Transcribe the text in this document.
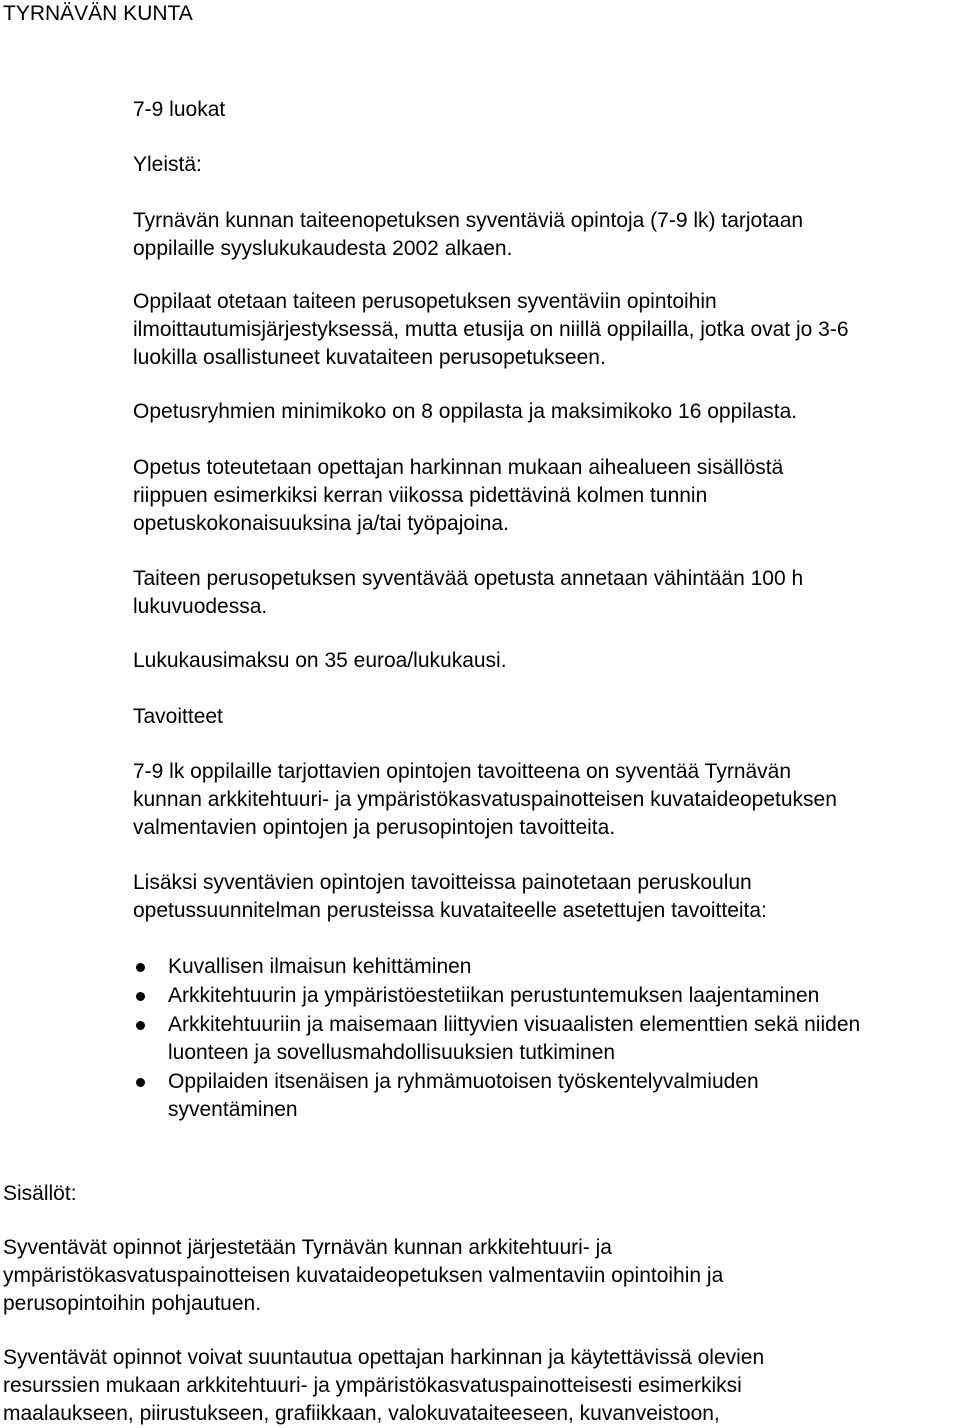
TYRNÄVÄN KUNTA
7-9 luokat
Yleistä:
Tyrnävän kunnan taiteenopetuksen syventäviä opintoja (7-9 lk) tarjotaan
oppilaille syyslukukaudesta 2002 alkaen.
Oppilaat otetaan taiteen perusopetuksen syventäviin opintoihin
ilmoittautumisjärjestyksessä, mutta etusija on niillä oppilailla, jotka ovat jo 3-6
luokilla osallistuneet kuvataiteen perusopetukseen.
Opetusryhmien minimikoko on 8 oppilasta ja maksimikoko 16 oppilasta.
Opetus toteutetaan opettajan harkinnan mukaan aihealueen sisällöstä
riippuen esimerkiksi kerran viikossa pidettävinä kolmen tunnin
opetuskokonaisuuksina ja/tai työpajoina.
Taiteen perusopetuksen syventävää opetusta annetaan vähintään 100 h
lukuvuodessa.
Lukukausimaksu on 35 euroa/lukukausi.
Tavoitteet
7-9 lk oppilaille tarjottavien opintojen tavoitteena on syventää Tyrnävän
kunnan arkkitehtuuri- ja ympäristökasvatuspainotteisen kuvataideopetuksen
valmentavien opintojen ja perusopintojen tavoitteita.
Lisäksi syventävien opintojen tavoitteissa painotetaan peruskoulun
opetussuunnitelman perusteissa kuvataiteelle asetettujen tavoitteita:
Kuvallisen ilmaisun kehittäminen
Arkkitehtuurin ja ympäristöestetiikan perustuntemuksen laajentaminen
Arkkitehtuuriin ja maisemaan liittyvien visuaalisten elementtien sekä niiden
luonteen ja sovellusmahdollisuuksien tutkiminen
Oppilaiden itsenäisen ja ryhmämuotoisen työskentelyvalmiuden
syventäminen
Sisällöt:
Syventävät opinnot järjestetään Tyrnävän kunnan arkkitehtuuri- ja
ympäristökasvatuspainotteisen kuvataideopetuksen valmentaviin opintoihin ja
perusopintoihin pohjautuen.
Syventävät opinnot voivat suuntautua opettajan harkinnan ja käytettävissä olevien
resurssien mukaan arkkitehtuuri- ja ympäristökasvatuspainotteisesti esimerkiksi
maalaukseen, piirustukseen, grafiikkaan, valokuvataiteeseen, kuvanveistoon,
